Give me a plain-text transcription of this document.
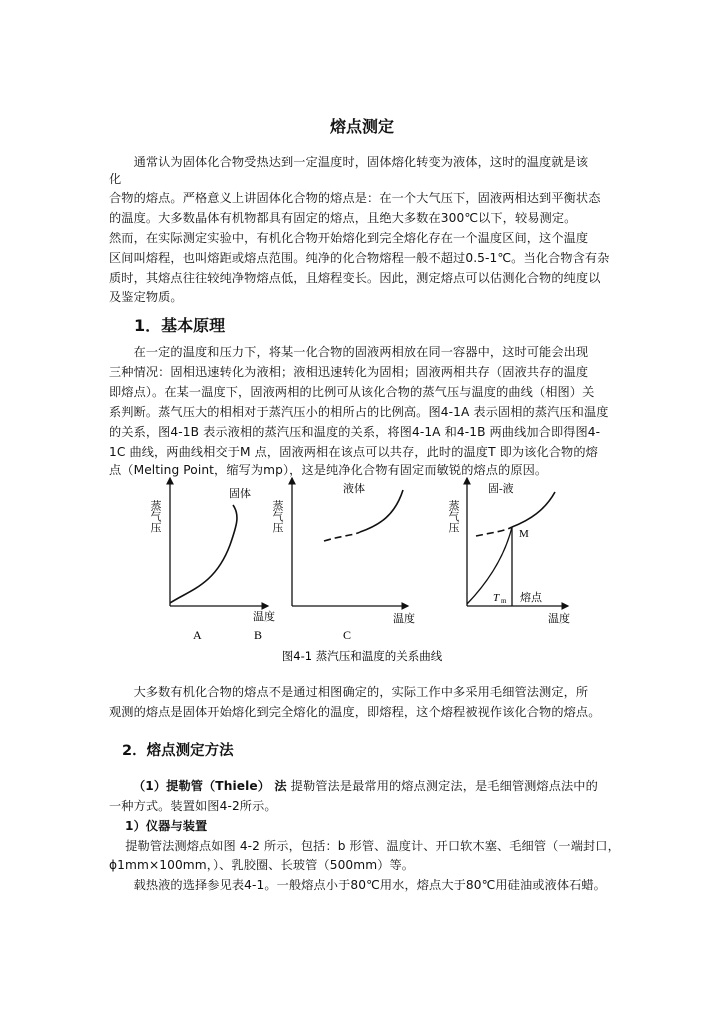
熔点测定
　　通常认为固体化合物受热达到一定温度时，固体熔化转变为液体，这时的温度就是该
化
合物的熔点。严格意义上讲固体化合物的熔点是：在一个大气压下，固液两相达到平衡状态
的温度。大多数晶体有机物都具有固定的熔点，且绝大多数在300℃以下，较易测定。
然而，在实际测定实验中，有机化合物开始熔化到完全熔化存在一个温度区间，这个温度
区间叫熔程，也叫熔距或熔点范围。纯净的化合物熔程一般不超过0.5-1℃。当化合物含有杂
质时，其熔点往往较纯净物熔点低，且熔程变长。因此，测定熔点可以估测化合物的纯度以
及鉴定物质。
1．基本原理
　　在一定的温度和压力下，将某一化合物的固液两相放在同一容器中，这时可能会出现
三种情况：固相迅速转化为液相；液相迅速转化为固相；固液两相共存（固液共存的温度
即熔点）。在某一温度下，固液两相的比例可从该化合物的蒸气压与温度的曲线（相图）关
系判断。蒸气压大的相相对于蒸汽压小的相所占的比例高。图4-1A 表示固相的蒸汽压和温度
的关系，图4-1B 表示液相的蒸汽压和温度的关系，将图4-1A 和4-1B 两曲线加合即得图4-
1C 曲线，两曲线相交于M 点，固液两相在该点可以共存，此时的温度T 即为该化合物的熔
点（Melting Point，缩写为mp），这是纯净化合物有固定而敏锐的熔点的原因。
蒸气压
固体
温度
蒸气压
液体
温度
蒸气压
固-液
M
T m 熔点
温度
A	B	C
图4-1 蒸汽压和温度的关系曲线
　　大多数有机化合物的熔点不是通过相图确定的，实际工作中多采用毛细管法测定，所
观测的熔点是固体开始熔化到完全熔化的温度，即熔程，这个熔程被视作该化合物的熔点。
2．熔点测定方法
（1）提勒管（Thiele） 法 提勒管法是最常用的熔点测定法，是毛细管测熔点法中的
一种方式。装置如图4-2所示。
1）仪器与装置
　 提勒管法测熔点如图 4-2 所示，包括：b 形管、温度计、开口软木塞、毛细管（一端封口，
ϕ1mm×100mm，）、乳胶圈、长玻管（500mm）等。
　　载热液的选择参见表4-1。一般熔点小于80℃用水，熔点大于80℃用硅油或液体石蜡。
